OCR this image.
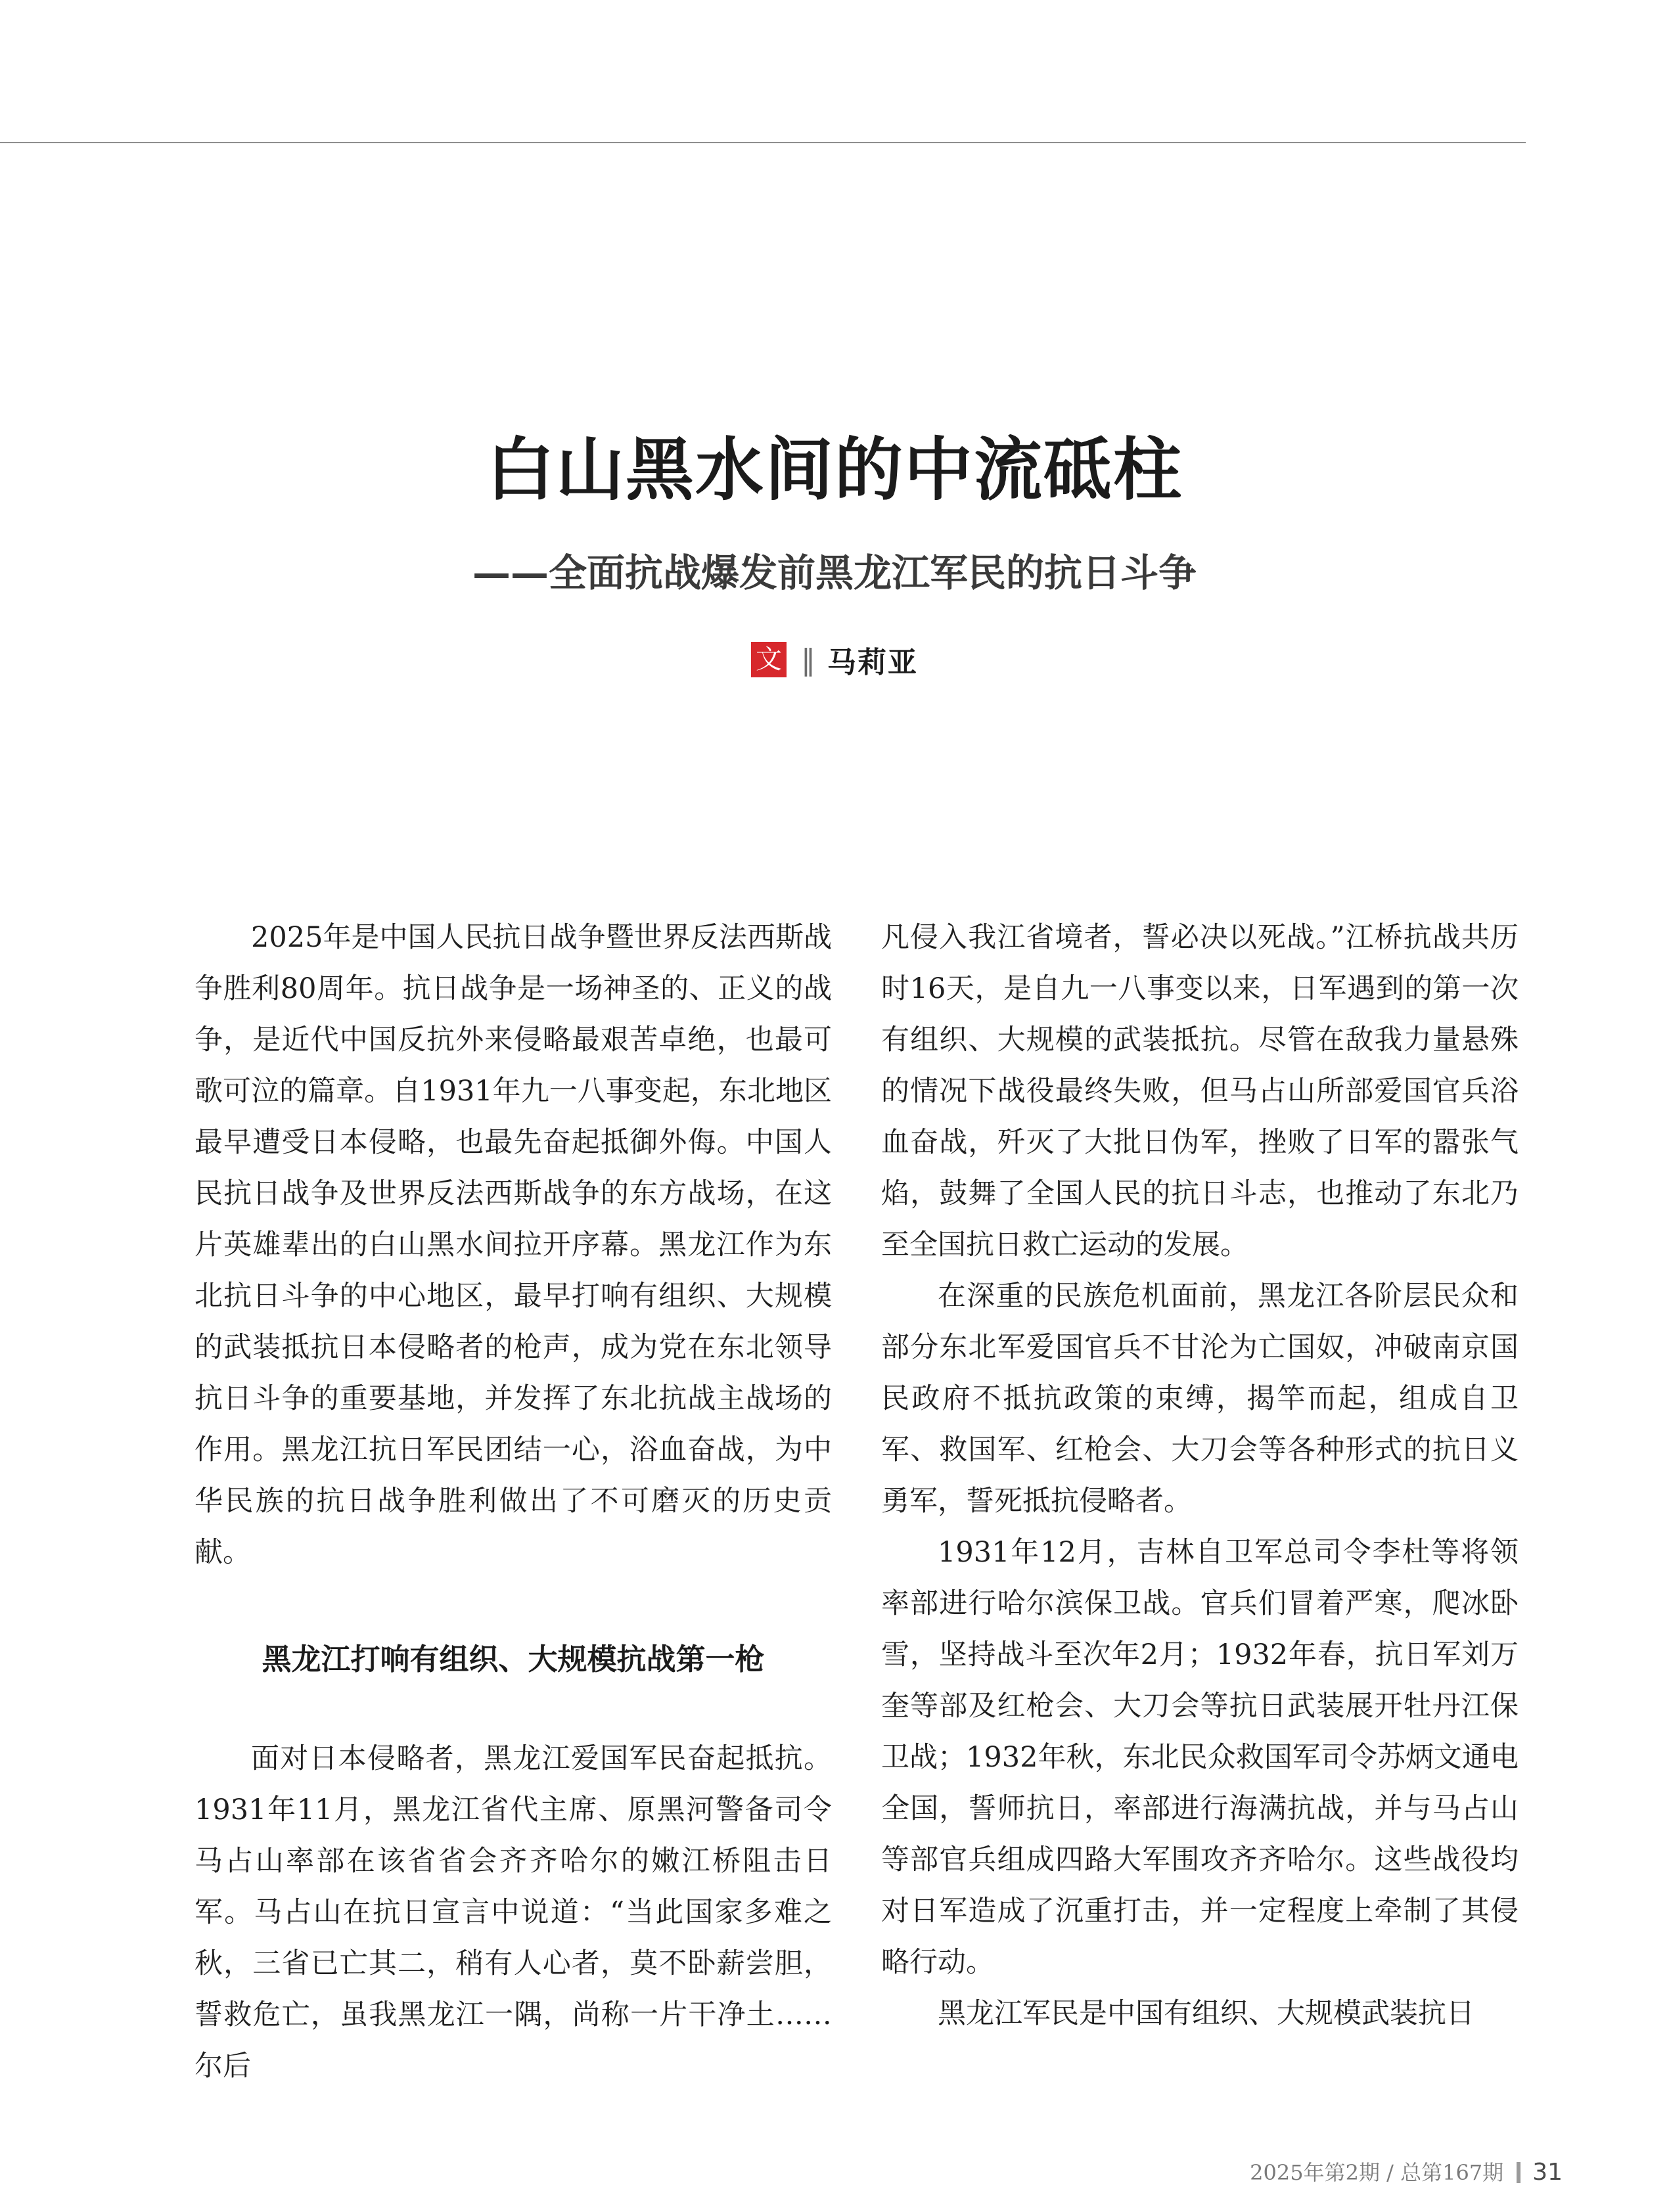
白山黑水间的中流砥柱
——全面抗战爆发前黑龙江军民的抗日斗争
文 ‖ 马莉亚

2025年是中国人民抗日战争暨世界反法西斯战争胜利80周年。抗日战争是一场神圣的、正义的战争，是近代中国反抗外来侵略最艰苦卓绝，也最可歌可泣的篇章。自1931年九一八事变起，东北地区最早遭受日本侵略，也最先奋起抵御外侮。中国人民抗日战争及世界反法西斯战争的东方战场，在这片英雄辈出的白山黑水间拉开序幕。黑龙江作为东北抗日斗争的中心地区，最早打响有组织、大规模的武装抵抗日本侵略者的枪声，成为党在东北领导抗日斗争的重要基地，并发挥了东北抗战主战场的作用。黑龙江抗日军民团结一心，浴血奋战，为中华民族的抗日战争胜利做出了不可磨灭的历史贡献。

黑龙江打响有组织、大规模抗战第一枪

面对日本侵略者，黑龙江爱国军民奋起抵抗。1931年11月，黑龙江省代主席、原黑河警备司令马占山率部在该省省会齐齐哈尔的嫩江桥阻击日军。马占山在抗日宣言中说道：“当此国家多难之秋，三省已亡其二，稍有人心者，莫不卧薪尝胆，誓救危亡，虽我黑龙江一隅，尚称一片干净土……尔后

凡侵入我江省境者，誓必决以死战。”江桥抗战共历时16天，是自九一八事变以来，日军遇到的第一次有组织、大规模的武装抵抗。尽管在敌我力量悬殊的情况下战役最终失败，但马占山所部爱国官兵浴血奋战，歼灭了大批日伪军，挫败了日军的嚣张气焰，鼓舞了全国人民的抗日斗志，也推动了东北乃至全国抗日救亡运动的发展。

在深重的民族危机面前，黑龙江各阶层民众和部分东北军爱国官兵不甘沦为亡国奴，冲破南京国民政府不抵抗政策的束缚，揭竿而起，组成自卫军、救国军、红枪会、大刀会等各种形式的抗日义勇军，誓死抵抗侵略者。

1931年12月，吉林自卫军总司令李杜等将领率部进行哈尔滨保卫战。官兵们冒着严寒，爬冰卧雪，坚持战斗至次年2月；1932年春，抗日军刘万奎等部及红枪会、大刀会等抗日武装展开牡丹江保卫战；1932年秋，东北民众救国军司令苏炳文通电全国，誓师抗日，率部进行海满抗战，并与马占山等部官兵组成四路大军围攻齐齐哈尔。这些战役均对日军造成了沉重打击，并一定程度上牵制了其侵略行动。

黑龙江军民是中国有组织、大规模武装抗日

2025年第2期 / 总第167期 31
